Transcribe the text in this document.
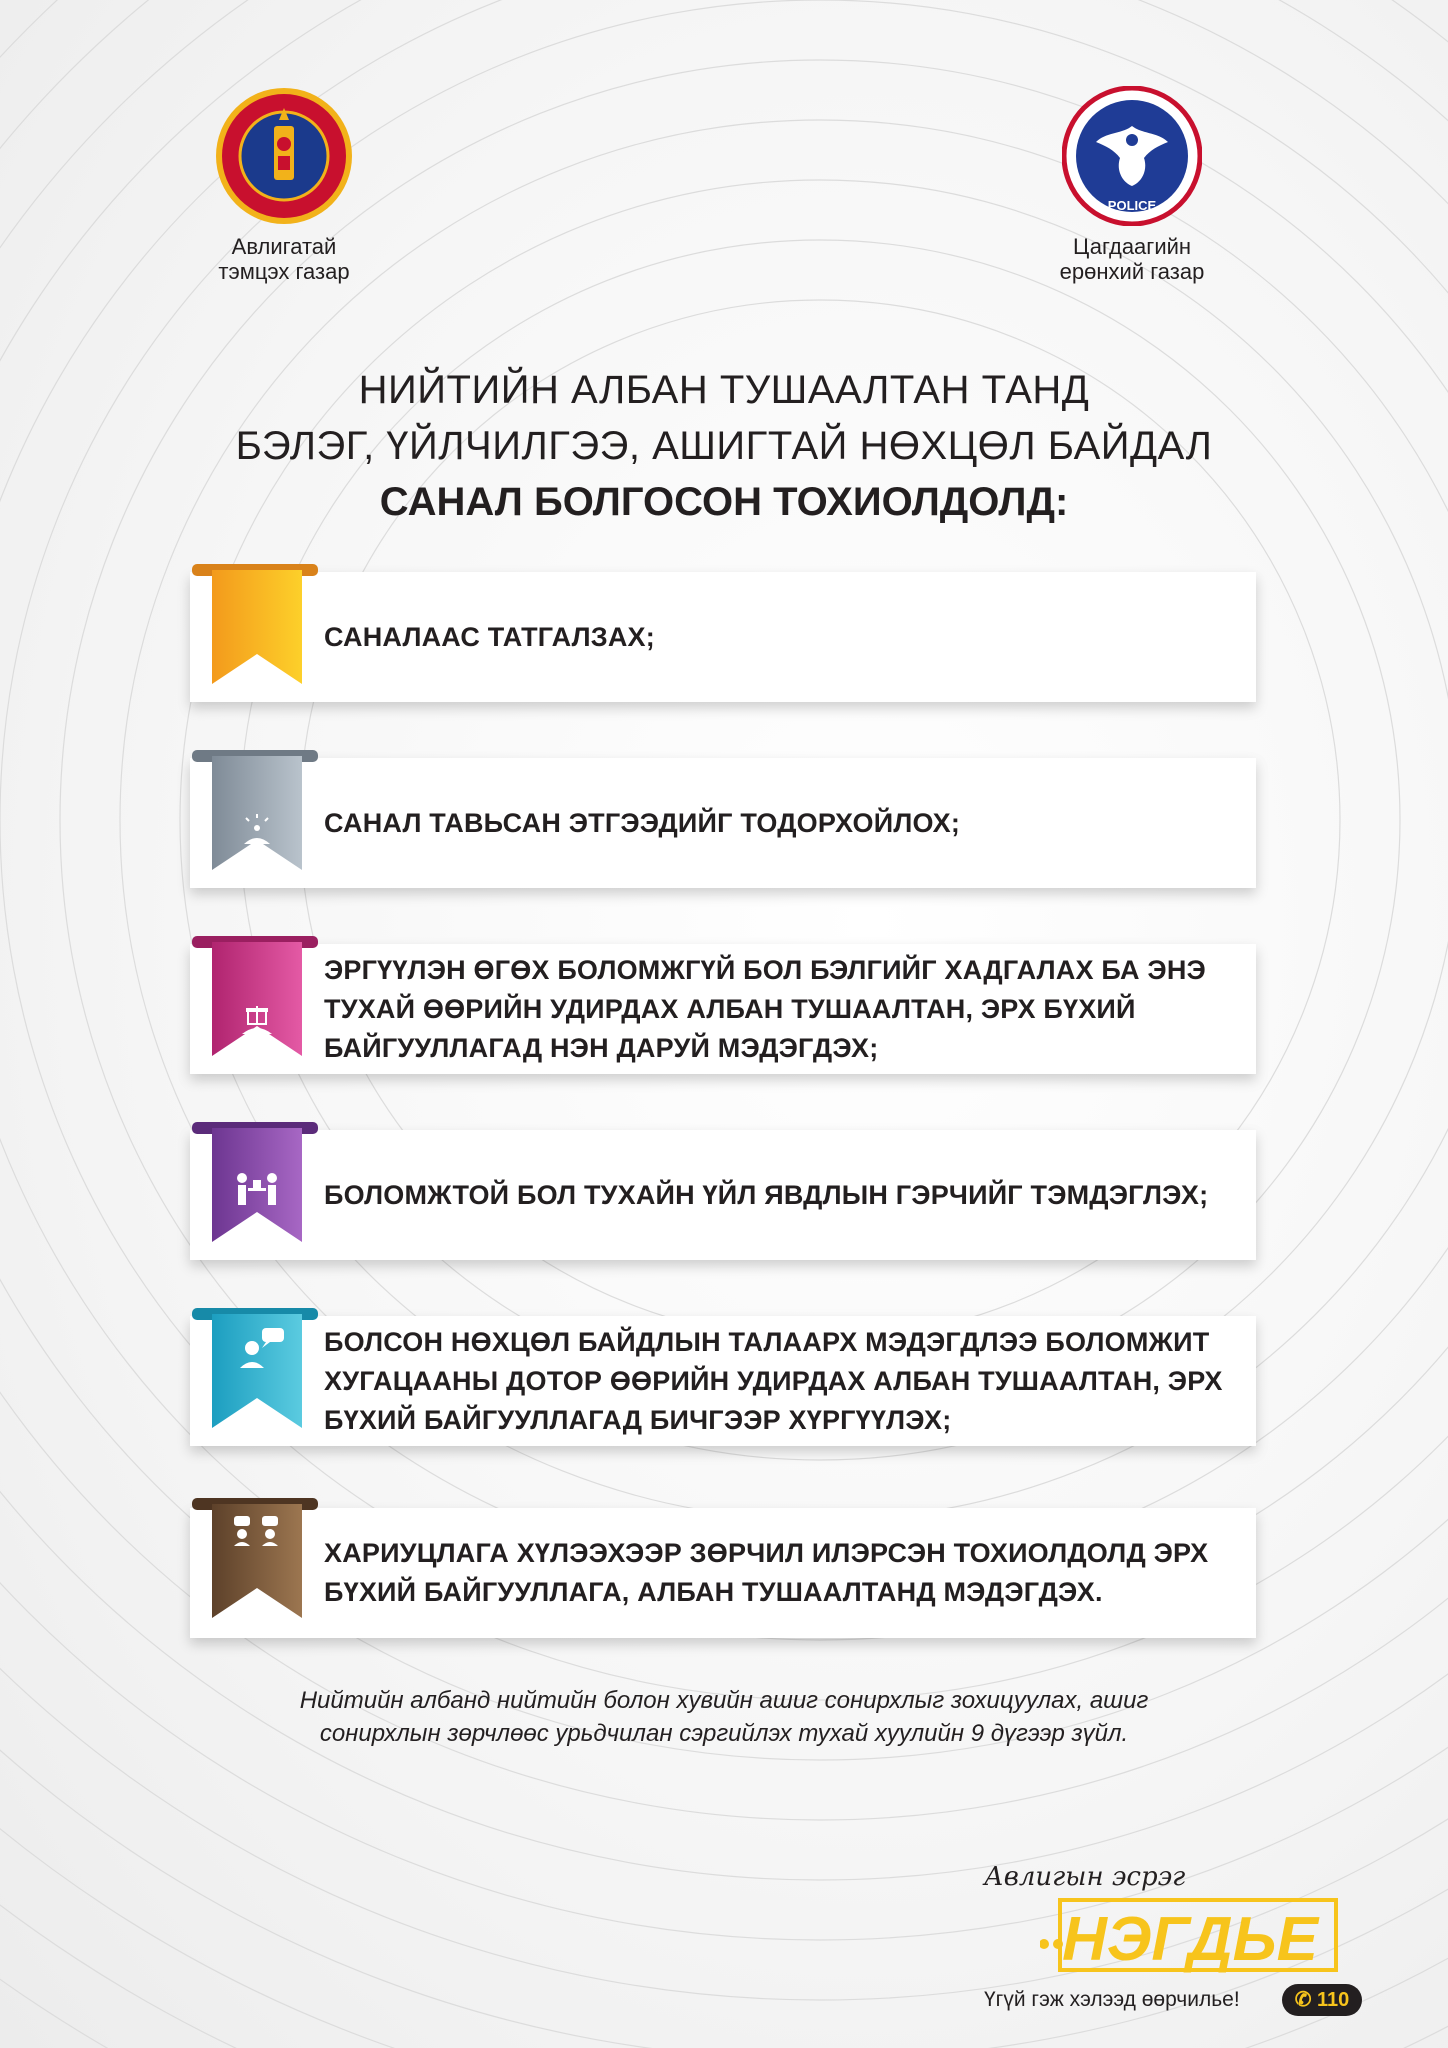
Авлигатай
тэмцэх газар
POLICE
Цагдаагийн
ерөнхий газар
НИЙТИЙН АЛБАН ТУШААЛТАН ТАНД
БЭЛЭГ, ҮЙЛЧИЛГЭЭ, АШИГТАЙ НӨХЦӨЛ БАЙДАЛ
САНАЛ БОЛГОСОН ТОХИОЛДОЛД:
САНАЛААС ТАТГАЛЗАХ;
САНАЛ ТАВЬСАН ЭТГЭЭДИЙГ ТОДОРХОЙЛОХ;
ЭРГҮҮЛЭН ӨГӨХ БОЛОМЖГҮЙ БОЛ БЭЛГИЙГ ХАДГАЛАХ БА ЭНЭ ТУХАЙ ӨӨРИЙН УДИРДАХ АЛБАН ТУШААЛТАН, ЭРХ БҮХИЙ БАЙГУУЛЛАГАД НЭН ДАРУЙ МЭДЭГДЭХ;
БОЛОМЖТОЙ БОЛ ТУХАЙН ҮЙЛ ЯВДЛЫН ГЭРЧИЙГ ТЭМДЭГЛЭХ;
БОЛСОН НӨХЦӨЛ БАЙДЛЫН ТАЛААРХ МЭДЭГДЛЭЭ БОЛОМЖИТ ХУГАЦААНЫ ДОТОР ӨӨРИЙН УДИРДАХ АЛБАН ТУШААЛТАН, ЭРХ БҮХИЙ БАЙГУУЛЛАГАД БИЧГЭЭР ХҮРГҮҮЛЭХ;
ХАРИУЦЛАГА ХҮЛЭЭХЭЭР ЗӨРЧИЛ ИЛЭРСЭН ТОХИОЛДОЛД ЭРХ БҮХИЙ БАЙГУУЛЛАГА, АЛБАН ТУШААЛТАНД МЭДЭГДЭХ.
Нийтийн албанд нийтийн болон хувийн ашиг сонирхлыг зохицуулах, ашиг
сонирхлын зөрчлөөс урьдчилан сэргийлэх тухай хуулийн 9 дүгээр зүйл.
Авлигын эсрэг
НЭГДЬЕ
Үгүй гэж хэлээд өөрчилье!	✆ 110
